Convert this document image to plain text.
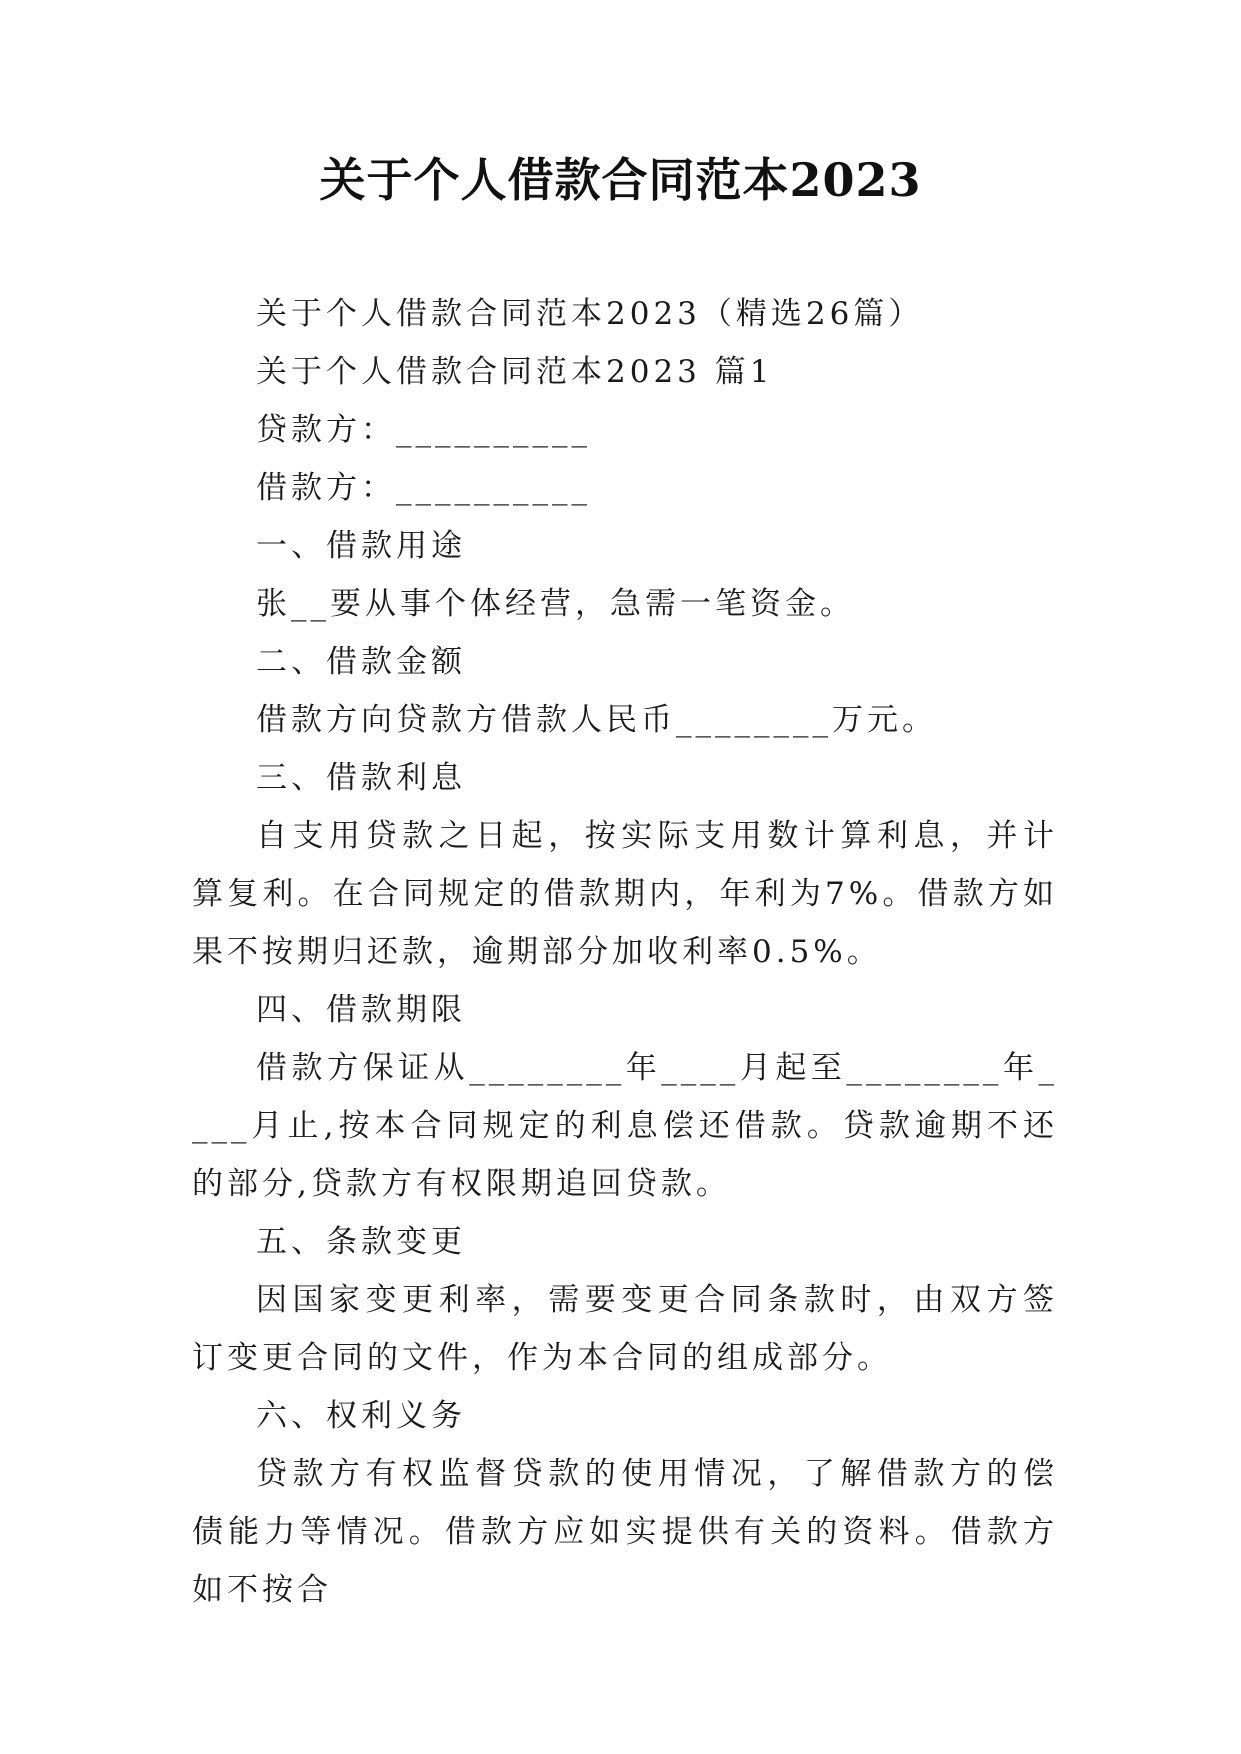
关于个人借款合同范本2023

关于个人借款合同范本2023（精选26篇）

关于个人借款合同范本2023 篇1

贷款方：__________

借款方：__________

一、借款用途

张__要从事个体经营，急需一笔资金。

二、借款金额

借款方向贷款方借款人民币________万元。

三、借款利息

自支用贷款之日起，按实际支用数计算利息，并计算复利。在合同规定的借款期内，年利为7%。借款方如果不按期归还款，逾期部分加收利率0.5%。

四、借款期限

借款方保证从________年____月起至________年____月止,按本合同规定的利息偿还借款。贷款逾期不还的部分,贷款方有权限期追回贷款。

五、条款变更

因国家变更利率，需要变更合同条款时，由双方签订变更合同的文件，作为本合同的组成部分。

六、权利义务

贷款方有权监督贷款的使用情况，了解借款方的偿债能力等情况。借款方应如实提供有关的资料。借款方如不按合
